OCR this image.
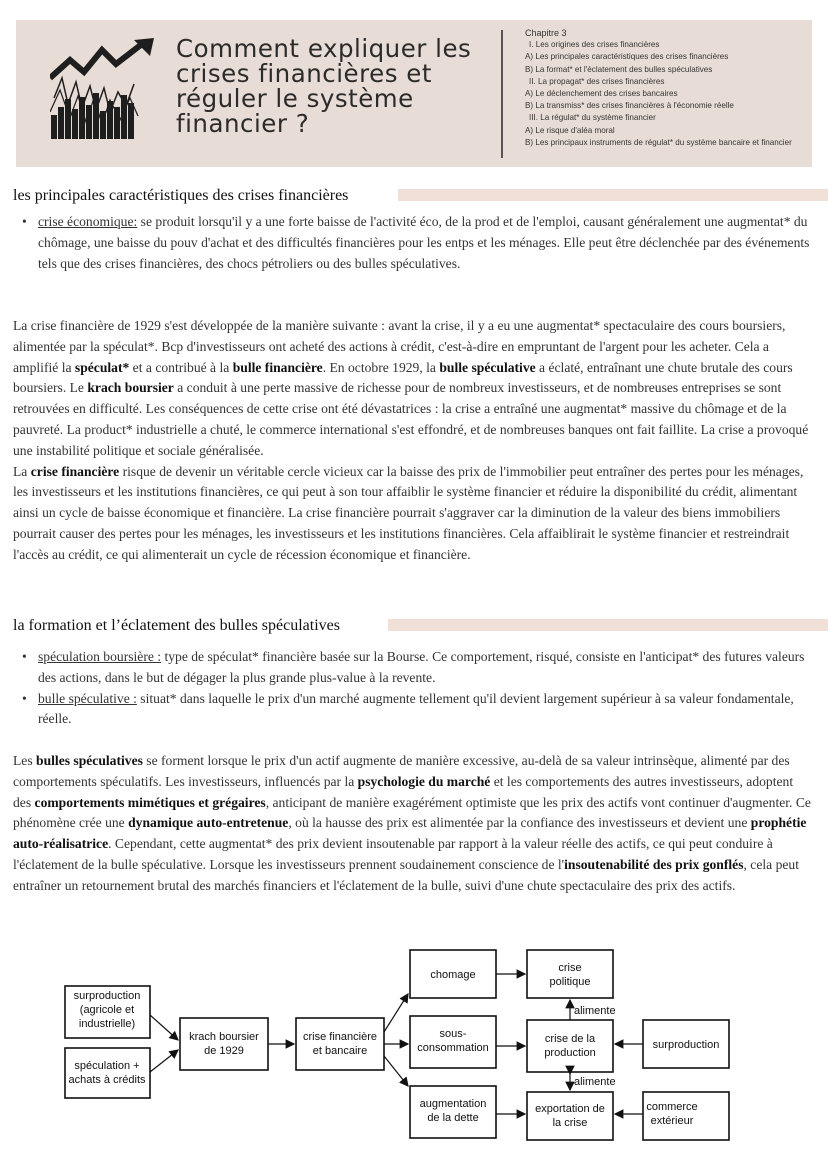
Comment expliquer les
crises financières et
réguler le système
financier ?
Chapitre 3
I. Les origines des crises financières
A) Les principales caractéristiques des crises financières
B) La format* et l'éclatement des bulles spéculatives
II. La propagat* des crises financières
A) Le déclenchement des crises bancaires
B) La transmiss* des crises financières à l'économie réelle
III. La régulat* du système financier
A) Le risque d'aléa moral
B) Les principaux instruments de régulat* du système bancaire et financier
les principales caractéristiques des crises financières
• crise économique: se produit lorsqu'il y a une forte baisse de l'activité éco, de la prod et de l'emploi, causant généralement une augmentat* du chômage, une baisse du pouv d'achat et des difficultés financières pour les entps et les ménages. Elle peut être déclenchée par des événements tels que des crises financières, des chocs pétroliers ou des bulles spéculatives.
La crise financière de 1929 s'est développée de la manière suivante : avant la crise, il y a eu une augmentat* spectaculaire des cours boursiers, alimentée par la spéculat*. Bcp d'investisseurs ont acheté des actions à crédit, c'est-à-dire en empruntant de l'argent pour les acheter. Cela a amplifié la spéculat* et a contribué à la bulle financière. En octobre 1929, la bulle spéculative a éclaté, entraînant une chute brutale des cours boursiers. Le krach boursier a conduit à une perte massive de richesse pour de nombreux investisseurs, et de nombreuses entreprises se sont retrouvées en difficulté. Les conséquences de cette crise ont été dévastatrices : la crise a entraîné une augmentat* massive du chômage et de la pauvreté. La product* industrielle a chuté, le commerce international s'est effondré, et de nombreuses banques ont fait faillite. La crise a provoqué une instabilité politique et sociale généralisée.
La crise financière risque de devenir un véritable cercle vicieux car la baisse des prix de l'immobilier peut entraîner des pertes pour les ménages, les investisseurs et les institutions financières, ce qui peut à son tour affaiblir le système financier et réduire la disponibilité du crédit, alimentant ainsi un cycle de baisse économique et financière. La crise financière pourrait s'aggraver car la diminution de la valeur des biens immobiliers pourrait causer des pertes pour les ménages, les investisseurs et les institutions financières. Cela affaiblirait le système financier et restreindrait l'accès au crédit, ce qui alimenterait un cycle de récession économique et financière.
la formation et l’éclatement des bulles spéculatives
• spéculation boursière : type de spéculat* financière basée sur la Bourse. Ce comportement, risqué, consiste en l'anticipat* des futures valeurs des actions, dans le but de dégager la plus grande plus-value à la revente.
• bulle spéculative : situat* dans laquelle le prix d'un marché augmente tellement qu'il devient largement supérieur à sa valeur fondamentale, réelle.
Les bulles spéculatives se forment lorsque le prix d'un actif augmente de manière excessive, au-delà de sa valeur intrinsèque, alimenté par des comportements spéculatifs. Les investisseurs, influencés par la psychologie du marché et les comportements des autres investisseurs, adoptent des comportements mimétiques et grégaires, anticipant de manière exagérément optimiste que les prix des actifs vont continuer d'augmenter. Ce phénomène crée une dynamique auto-entretenue, où la hausse des prix est alimentée par la confiance des investisseurs et devient une prophétie auto-réalisatrice. Cependant, cette augmentat* des prix devient insoutenable par rapport à la valeur réelle des actifs, ce qui peut conduire à l'éclatement de la bulle spéculative. Lorsque les investisseurs prennent soudainement conscience de l'insoutenabilité des prix gonflés, cela peut entraîner un retournement brutal des marchés financiers et l'éclatement de la bulle, suivi d'une chute spectaculaire des prix des actifs.
surproduction (agricole et industrielle)
spéculation + achats à crédits
krach boursier de 1929
crise financière et bancaire
chomage
sous-consommation
augmentation de la dette
crise politique
crise de la production
exportation de la crise
surproduction
commerce extérieur
alimente
alimente
